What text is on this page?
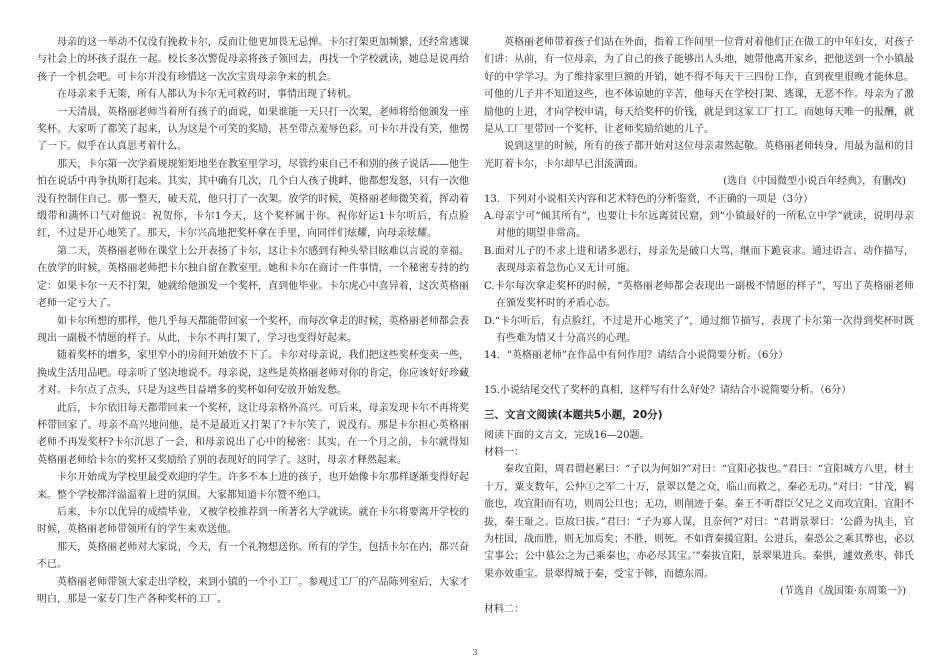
母亲的这一举动不仅没有挽救卡尔，反而让他更加畏无忌惮。卡尔打架更加频繁，还经常逃课与社会上的坏孩子混在一起。校长多次警促母亲将孩子领回去，再找一个学校就读，她总是说再给孩子一个机会吧。可卡尔并没有珍惜这一次次宝贵母亲争来的机会。

在母亲来手无策，所有人都认为卡尔无可救药时，事情出现了转机。

一天清晨，英格丽老师当着所有孩子的面说，如果谁能一天只打一次架，老师将给他颁发一座奖杯。大家听了都笑了起来，认为这是个可笑的奖励，甚至带点羞辱色彩。可卡尔并没有笑，他愣了一下。似乎在认真思考着什么。

那天，卡尔第一次学着规规矩矩地坐在教室里学习，尽管约束自己不和别的孩子说话——他生怕在说话中再争执斯打起来。其实，其中确有几次，几个白人孩子挑衅，他都想发怒，只有一次他没有控制住自己。那一整天，破天荒，他只打了一次架。放学的时候，英格丽老师微笑着，挥动着缎带和满怀口气对他说：祝贺你，卡尔1今天，这个奖杯属于你。祝你好运1卡尔听后，有点脸红，不过是开心地笑了。那天，卡尔兴高地把奖杯拿在手里，向同伴们炫耀，向母亲炫耀。

第二天，英格丽老师在课堂上公开表扬了卡尔，这让卡尔感到有种头晕目眩难以言说的幸福。在放学的时候，英格丽老师把卡尔独自留在教室里。她和卡尔在商讨一件事情，一个秘密专持的约定：如果卡尔一天不打架，她就给他颁发一个奖杯，直到他毕业。卡尔虎心中喜异着，这次英格丽老师一定亏大了。

如卡尔所想的那样，他几乎每天都能带回家一个奖杯，而每次拿走的时候，英格丽老师都会表现出一副极不情愿的样子。从此，卡尔不再打架了，学习也变得好起来。

随着奖杯的增多，家里窄小的房间开始放不下了。卡尔对母亲说，我们把这些奖杯变卖一些，换成生活用品吧。母亲听了坚决地说不。母亲说，这些是英格丽老师对你的肯定，你应该好好珍藏才对。卡尔点了点头，只是为这些目益增多的奖杯如何安放开始发愁。

此后，卡尔依旧每天都带回来一个奖杯，这让母亲格外高兴。可后来，母亲发现卡尔不再将奖杯带回家了。母亲不高兴地问他，是不是最近又打架了?卡尔笑了，说没有。那是卡尔担心英格丽老师不再发奖杯?卡尔沉思了一会，和母亲说出了心中的秘密：其实，在一个月之前，卡尔就得知英格丽老师给卡尔的奖杯又奖励给了别的表现好的同学了。这时，母亲才释然起来。

卡尔开始成为学校里最受欢迎的学生。许多不本上进的孩子，也开始像卡尔那样逐渐变得好起来。整个学校都洋溢温着上进的氛围。大家都知道卡尔赞不绝口。

后来，卡尔以优异的成绩毕业，又被学校推荐到一所著名大学就读。就在卡尔将要离开学校的时候，英格丽老师带领所有的学生来欢送他。

那天，英格丽老师对大家说，今天，有一个礼物想送你。所有的学生，包括卡尔在内，都兴奋不已。

英格丽老师带领大家走出学校，来到小镇的一个小工厂。参观过工厂的产品陈列室后，大家才明白，那是一家专门生产各种奖杯的工厂。

英格丽老师带着孩子们站在外面，指着工作间里一位背对着他们正在做工的中年妇女，对孩子们讲：从前，有一位母亲，为了自己的孩子能够出人头地，她带他离开家乡，把他送到一个小镇最好的中学学习。为了维持家里巨额的开销，她不得不每天干三四份工作，直到夜里很晚才能休息。可他的儿子并不知道这些，也不体谅她的辛苦，他每天在学校打架、逃课，无恶不作。母亲为了激励他的上进，才向学校申请，每天给奖杯的价钱，就是到这家工厂打工。而她每天唯一的报酬，就是从工厂里带回一个奖杯，让老师奖励给她的儿子。

说到这里的时候，所有的孩子都开始对这位母亲肃然起敬。英格丽老师转身，用最为温和的目光盯着卡尔，卡尔却早已泪流满面。

(选自《中国微型小说百年经典》，有删改)

13．下列对小说相关内容和艺术特色的分析鉴赏，不正确的一项是（3分）

A.母亲宁可“倾其所有”，也要让卡尔远离贫民窟，到“小镇最好的一所私立中学”就读，说明母亲对他的期望非常高。

B.面对儿子的不求上进和诸多恶行，母亲先是破口大骂，继而下跪哀求。通过语言、动作描写，表现母亲着急伤心又无计可施。

C.卡尔每次拿走奖杯的时候，“英格丽老师都会表现出一副极不情愿的样子”，写出了英格丽老师在颁发奖杯时的矛盾心态。

D.“卡尔听后，有点脸红，不过是开心地笑了”，通过细节描写，表现了卡尔第一次得到奖杯时既有些难为情又十分高兴的心理。

14．“英格丽老师”在作品中有何作用？请结合小说简要分析。（6分）

15.小说结尾交代了奖杯的真相，这样写有什么好处？请结合小说简要分析。（6分）

三、文言文阅读(本题共5小题，20分)

阅读下面的文言文，完成16—20题。

材料一：

秦攻宜阳，周君谓赵累曰：“子以为何如?”对曰：“宜阳必拔也。”君曰：“宜阳城方八里，材士十万，粟支数年，公仲①之军二十万，景翠以楚之众，临山而救之，秦必无功。”对曰：“甘茂，羁旅也，攻宜阳而有功，则周公旦也；无功，则削迹于秦。秦王不听群臣父兄之义而攻宜阳。宜阳不拔，秦王耻之。臣故曰拔。”君曰：“子为寡人谋，且奈何?”对曰：“君谓景翠曰：‘公爵为执圭，官为柱国，战而胜，则无加焉矣；不胜，则死。不如背秦援宜阳。公进兵，秦恐公之乘其弊也，必以宝事公；公中慕公之为己乘秦也，亦必尽其宝。’”秦拔宜阳，景翠果进兵。秦惧，遽效煮枣，韩氏果亦效重宝。景翠得城于秦，受宝于韩，而德东周。

(节选自《战国策·东周策一》)

材料二：

3
